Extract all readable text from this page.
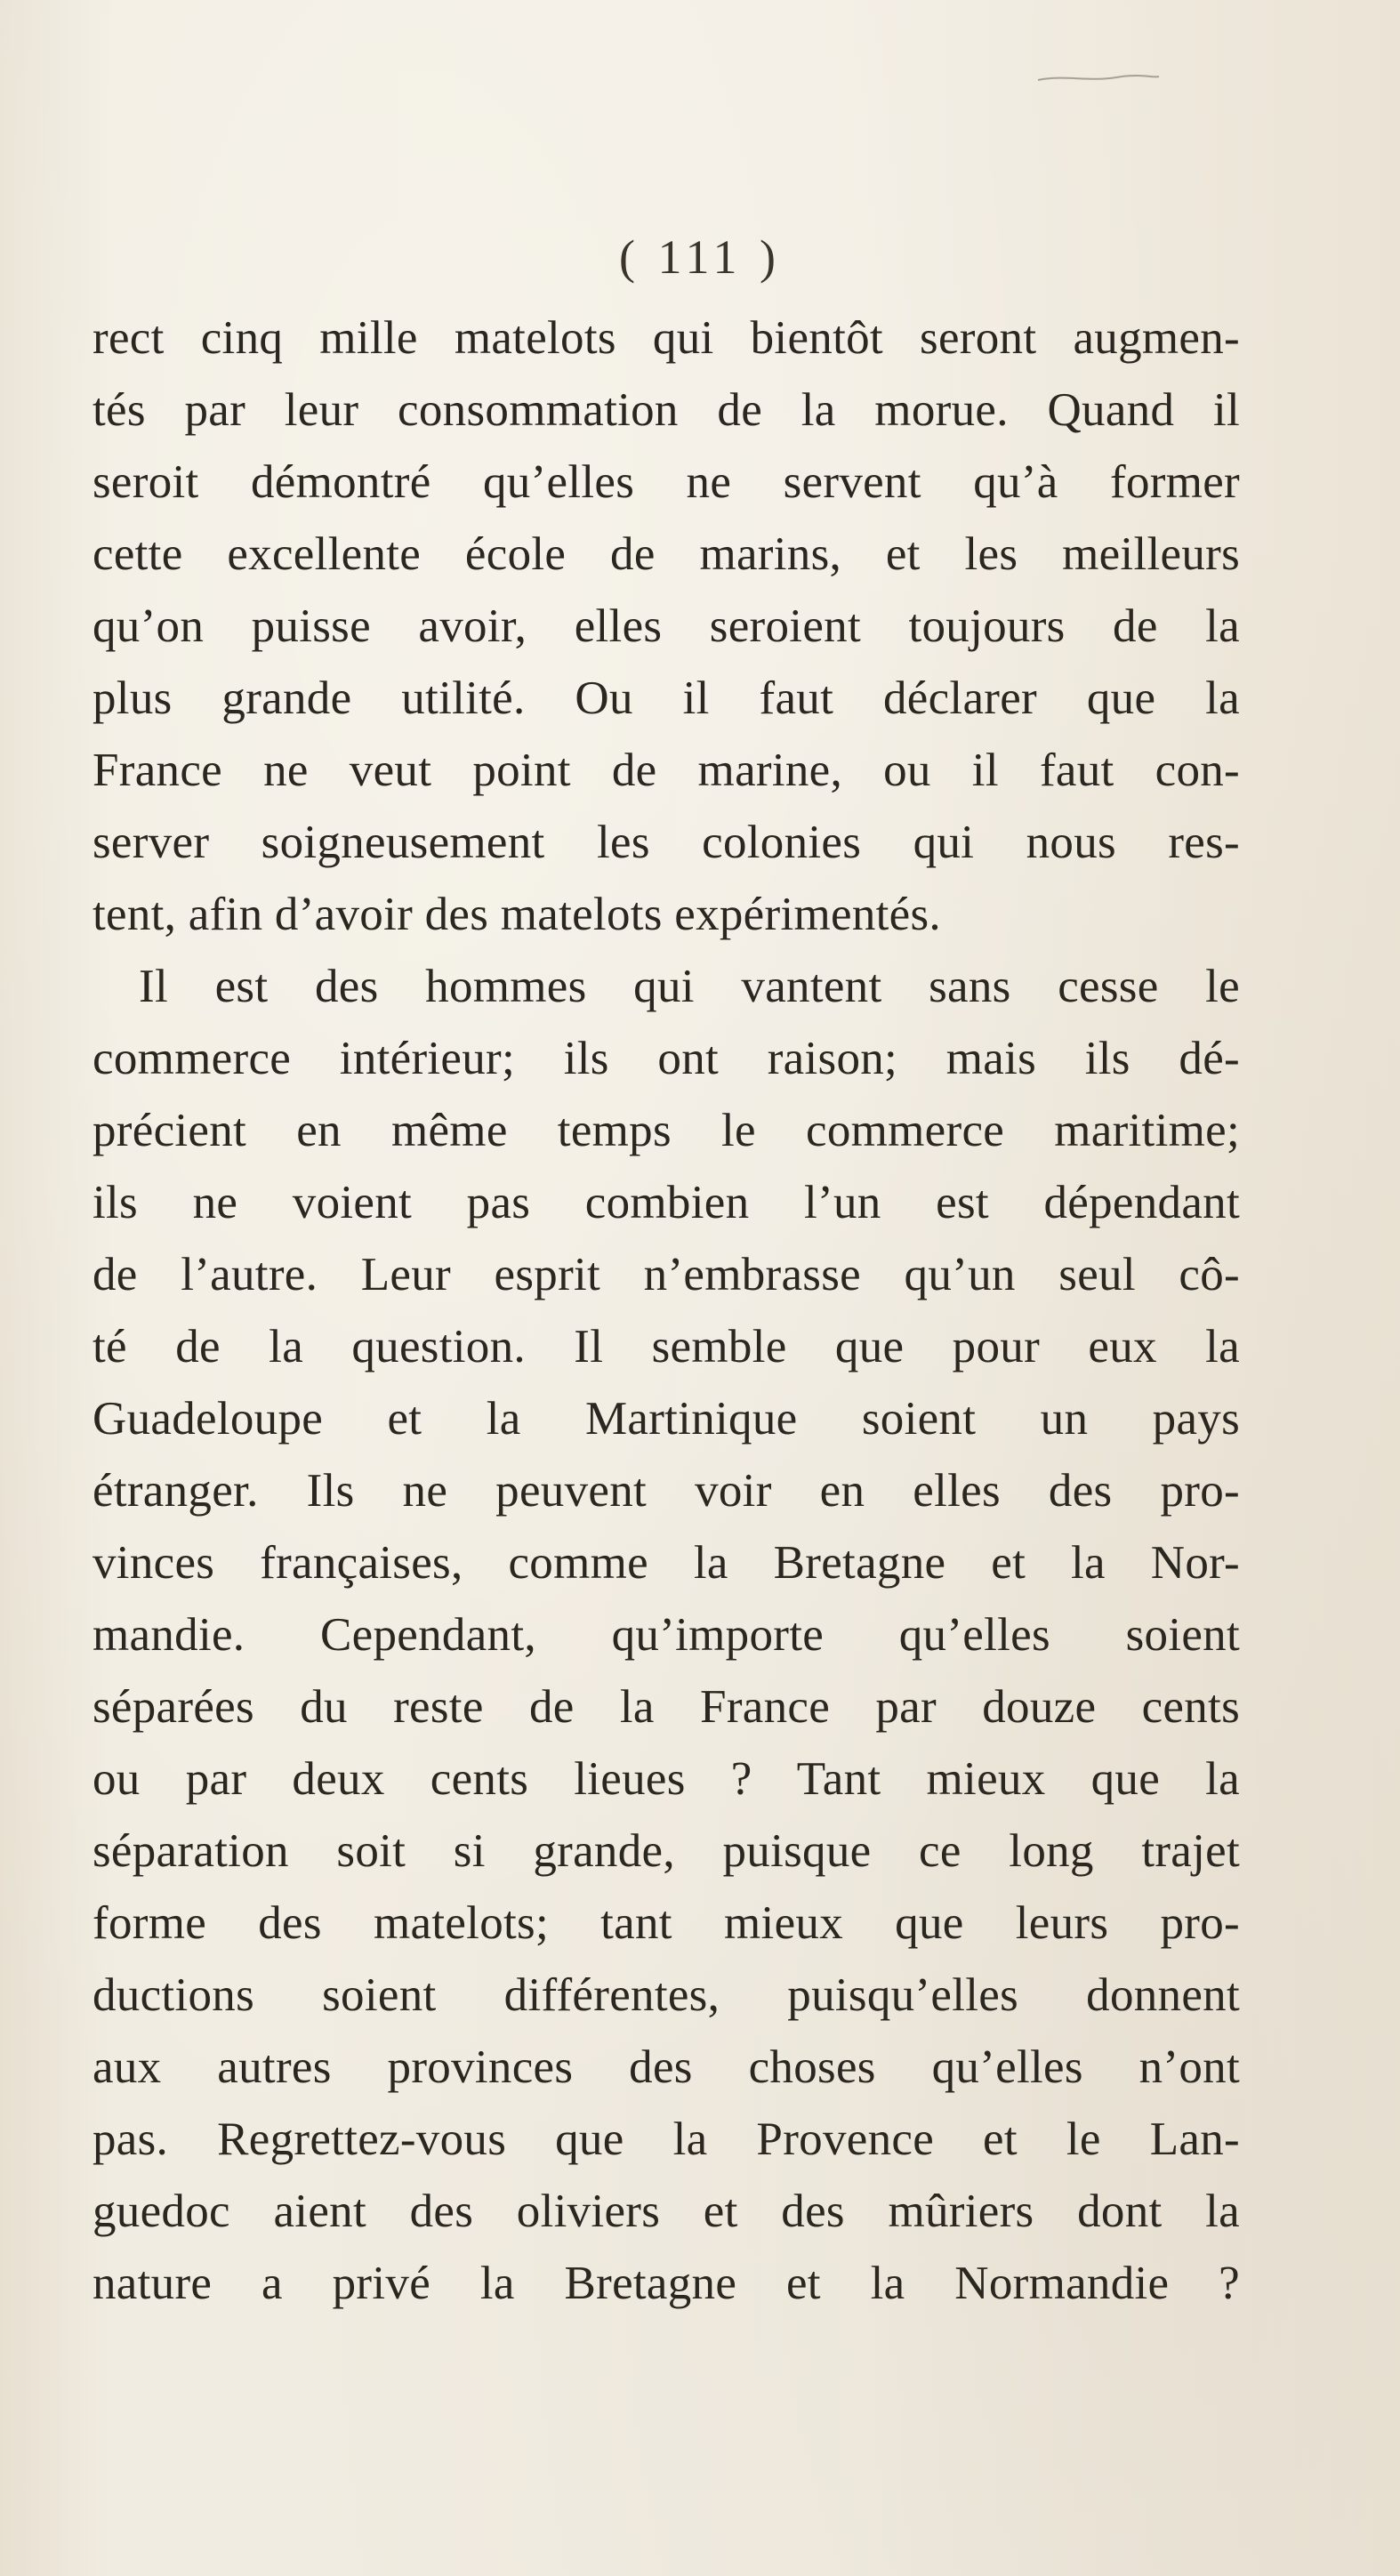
( 111 )
rect cinq mille matelots qui bientôt seront augmen-
tés par leur consommation de la morue. Quand il
seroit démontré qu’elles ne servent qu’à former
cette excellente école de marins, et les meilleurs
qu’on puisse avoir, elles seroient toujours de la
plus grande utilité. Ou il faut déclarer que la
France ne veut point de marine, ou il faut con-
server soigneusement les colonies qui nous res-
tent, afin d’avoir des matelots expérimentés.
Il est des hommes qui vantent sans cesse le
commerce intérieur; ils ont raison; mais ils dé-
précient en même temps le commerce maritime;
ils ne voient pas combien l’un est dépendant
de l’autre. Leur esprit n’embrasse qu’un seul cô-
té de la question. Il semble que pour eux la
Guadeloupe et la Martinique soient un pays
étranger. Ils ne peuvent voir en elles des pro-
vinces françaises, comme la Bretagne et la Nor-
mandie. Cependant, qu’importe qu’elles soient
séparées du reste de la France par douze cents
ou par deux cents lieues ? Tant mieux que la
séparation soit si grande, puisque ce long trajet
forme des matelots; tant mieux que leurs pro-
ductions soient différentes, puisqu’elles donnent
aux autres provinces des choses qu’elles n’ont
pas. Regrettez-vous que la Provence et le Lan-
guedoc aient des oliviers et des mûriers dont la
nature a privé la Bretagne et la Normandie ?
